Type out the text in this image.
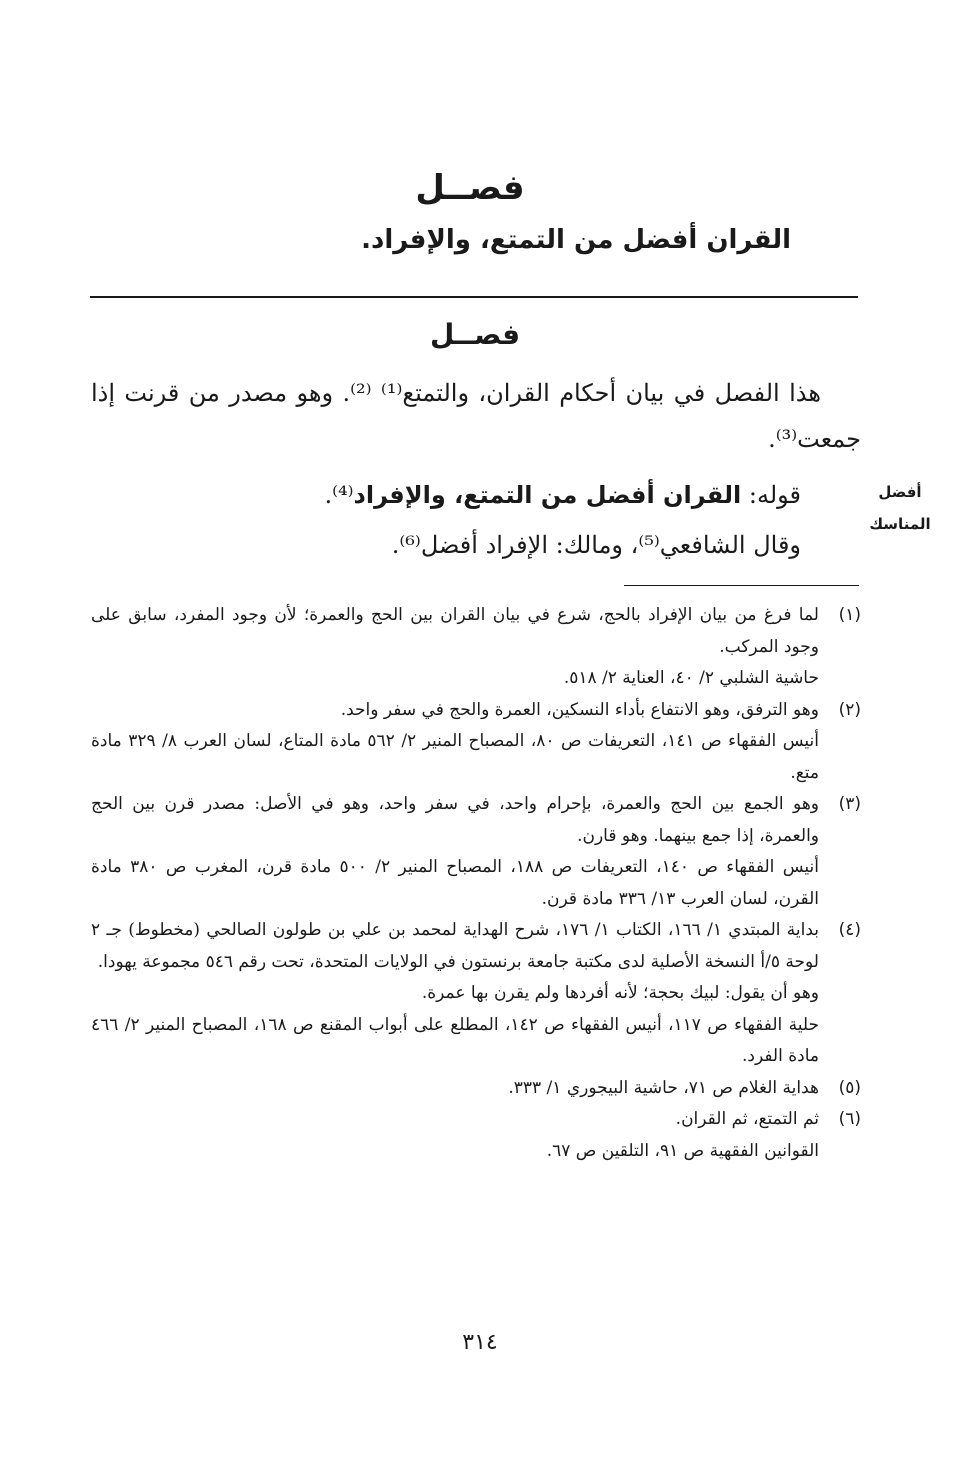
فصــل
القران أفضل من التمتع، والإفراد.
فصــل

هذا الفصل في بيان أحكام القران، والتمتع⁽¹⁾ ⁽²⁾. وهو مصدر من قرنت إذا جمعت⁽³⁾.

قوله: القران أفضل من التمتع، والإفراد⁽⁴⁾.
وقال الشافعي⁽⁵⁾، ومالك: الإفراد أفضل⁽⁶⁾.
أفضل
المناسك
(١)
لما فرغ من بيان الإفراد بالحج، شرع في بيان القران بين الحج والعمرة؛ لأن وجود المفرد، سابق على وجود المركب.
حاشية الشلبي ٢/ ٤٠، العناية ٢/ ٥١٨.
(٢)
وهو الترفق، وهو الانتفاع بأداء النسكين، العمرة والحج في سفر واحد.
أنيس الفقهاء ص ١٤١، التعريفات ص ٨٠، المصباح المنير ٢/ ٥٦٢ مادة المتاع، لسان العرب ٨/ ٣٢٩ مادة متع.
(٣)
وهو الجمع بين الحج والعمرة، بإحرام واحد، في سفر واحد، وهو في الأصل: مصدر قرن بين الحج والعمرة، إذا جمع بينهما. وهو قارن.
أنيس الفقهاء ص ١٤٠، التعريفات ص ١٨٨، المصباح المنير ٢/ ٥٠٠ مادة قرن، المغرب ص ٣٨٠ مادة القرن، لسان العرب ١٣/ ٣٣٦ مادة قرن.
(٤)
بداية المبتدي ١/ ١٦٦، الكتاب ١/ ١٧٦، شرح الهداية لمحمد بن علي بن طولون الصالحي (مخطوط) جـ ٢ لوحة ٥/أ النسخة الأصلية لدى مكتبة جامعة برنستون في الولايات المتحدة، تحت رقم ٥٤٦ مجموعة يهودا.
وهو أن يقول: لبيك بحجة؛ لأنه أفردها ولم يقرن بها عمرة.
حلية الفقهاء ص ١١٧، أنيس الفقهاء ص ١٤٢، المطلع على أبواب المقنع ص ١٦٨، المصباح المنير ٢/ ٤٦٦ مادة الفرد.
(٥)
هداية الغلام ص ٧١، حاشية البيجوري ١/ ٣٣٣.
(٦)
ثم التمتع، ثم القران.
القوانين الفقهية ص ٩١، التلقين ص ٦٧.
٣١٤
